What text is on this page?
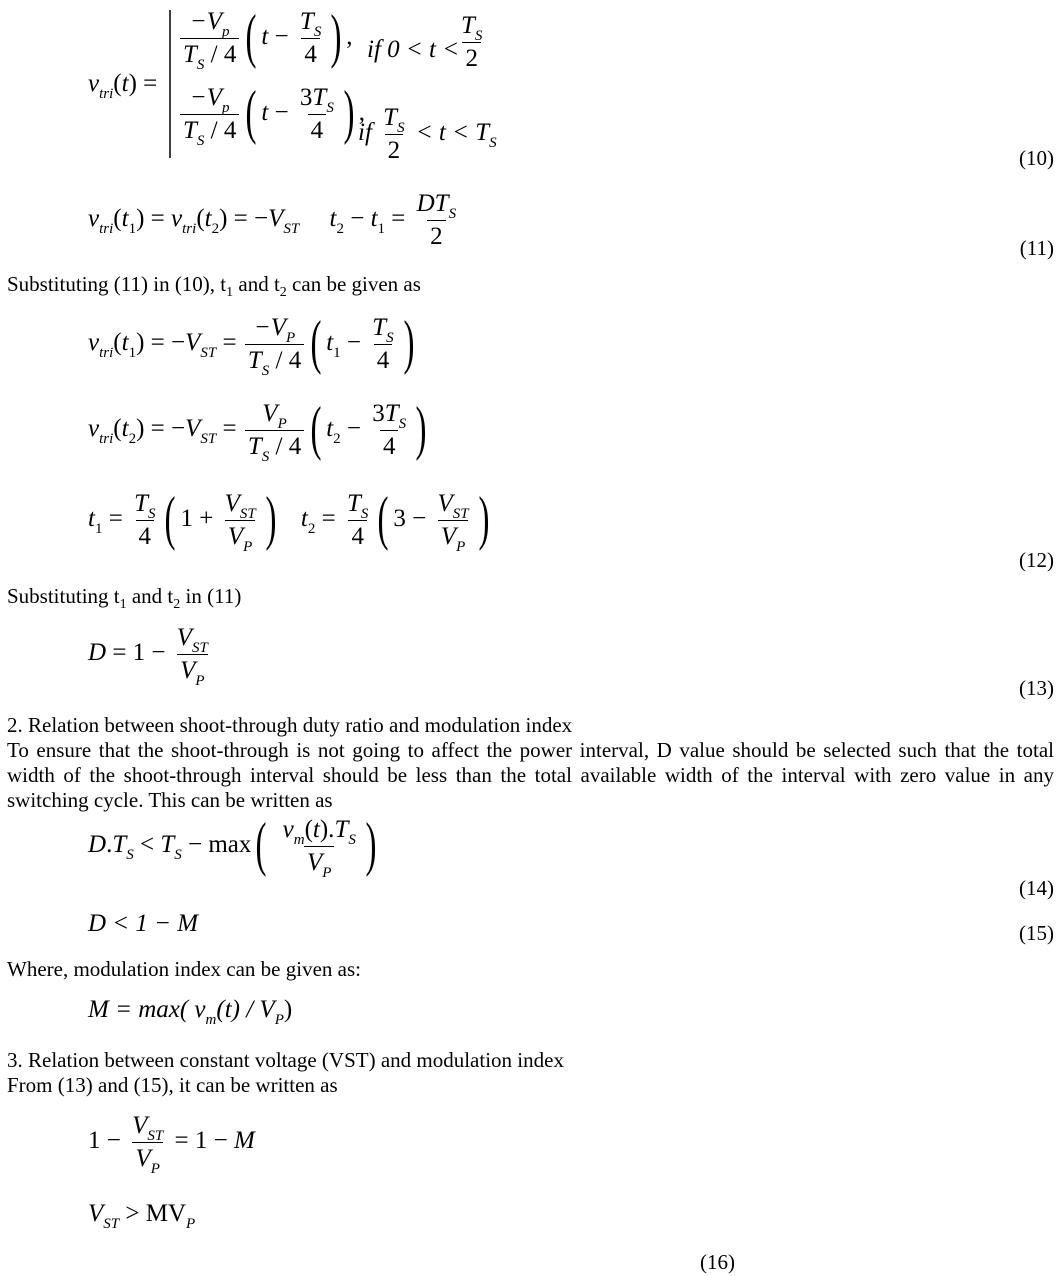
$v_{tri}(t)$ =
$\frac{-V_p}{T_S / 4}$ ( $t - \frac{T_S}{4}$ ) , if 0 < t <
$\frac{T_S}{2}$
$\frac{-V_p}{T_S / 4}$ ( $t - \frac{3T_S}{4}$ ) ,
if $\frac{T_S}{2} < t < T_S$
(10)
$v_{tri}(t_1) = v_{tri}(t_2) = -V_{ST}$ $t_2 - t_1 = \frac{DT_S}{2}$	(11)
Substituting (11) in (10), $t_1$ and $t_2$ can be given as
$v_{tri}(t_1) = -V_{ST} = \frac{-V_P}{T_S / 4}$ ( $t_1 - \frac{T_S}{4}$ )
$v_{tri}(t_2) = -V_{ST} = \frac{V_P}{T_S / 4}$ ( $t_2 - \frac{3T_S}{4}$ )
$t_1 = \frac{T_S}{4}$ ( $1 + \frac{V_{ST}}{V_P}$ ) $t_2 = \frac{T_S}{4}$ ( $3 - \frac{V_{ST}}{V_P}$ )
(12)
Substituting $t_1$ and $t_2$ in (11)
$D = 1 - \frac{V_{ST}}{V_P}$
(13)
2. Relation between shoot-through duty ratio and modulation index
To ensure that the shoot-through is not going to affect the power interval, D value should be selected such that the total width of the shoot-through interval should be less than the total available width of the interval with zero value in any switching cycle. This can be written as
$D.T_S < T_S - \max( \frac{v_m(t).T_S}{V_P}$ )
(14)
D < 1 − M	(15)
Where, modulation index can be given as:
M = max( $v_m(t) / V_P$)
3. Relation between constant voltage (VST) and modulation index
From (13) and (15), it can be written as
$1 - \frac{V_{ST}}{V_P} = 1 - M$
$V_{ST} > MV_P$
(16)
